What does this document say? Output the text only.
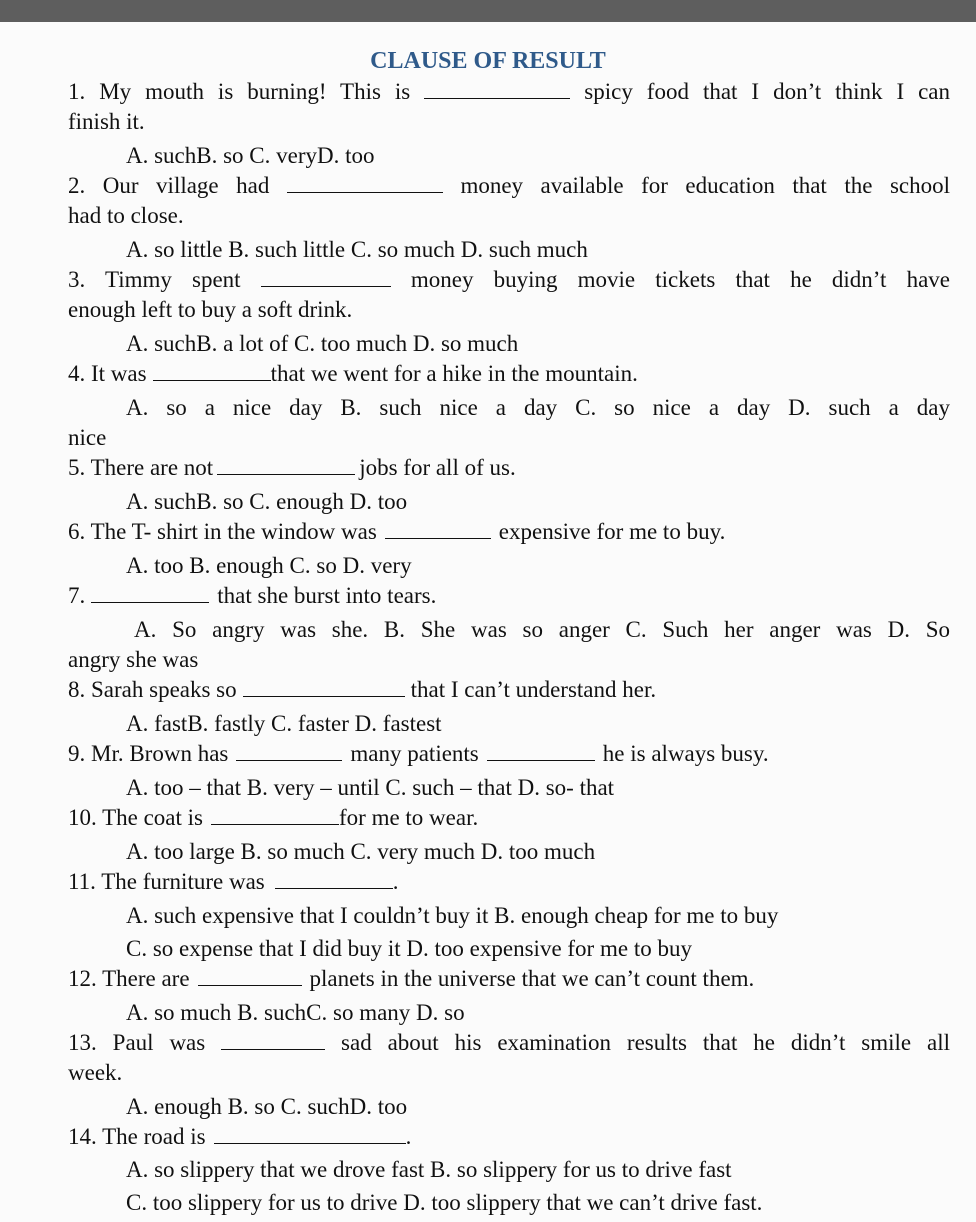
CLAUSE OF RESULT
1. My mouth is burning! This is	spicy food that I don’t think I can
finish it.
A. suchB. so C. veryD. too
2. Our village had	money available for education that the school
had to close.
A. so little B. such little C. so much D. such much
3. Timmy spent	money buying movie tickets that he didn’t have
enough left to buy a soft drink.
A. suchB. a lot of C. too much D. so much
4. It was	that we went for a hike in the mountain.
A. so a nice day B. such nice a day C. so nice a day D. such a day
nice
5. There are not	jobs for all of us.
A. suchB. so C. enough D. too
6. The T- shirt in the window was	expensive for me to buy.
A. too B. enough C. so D. very
7.	that she burst into tears.
A. So angry was she. B. She was so anger C. Such her anger was D. So
angry she was
8. Sarah speaks so	that I can’t understand her.
A. fastB. fastly C. faster D. fastest
9. Mr. Brown has	many patients	he is always busy.
A. too – that B. very – until C. such – that D. so- that
10. The coat is	for me to wear.
A. too large B. so much C. very much D. too much
11. The furniture was	.
A. such expensive that I couldn’t buy it B. enough cheap for me to buy
C. so expense that I did buy it D. too expensive for me to buy
12. There are	planets in the universe that we can’t count them.
A. so much B. suchC. so many D. so
13. Paul was	sad about his examination results that he didn’t smile all
week.
A. enough B. so C. suchD. too
14. The road is	.
A. so slippery that we drove fast B. so slippery for us to drive fast
C. too slippery for us to drive D. too slippery that we can’t drive fast.
